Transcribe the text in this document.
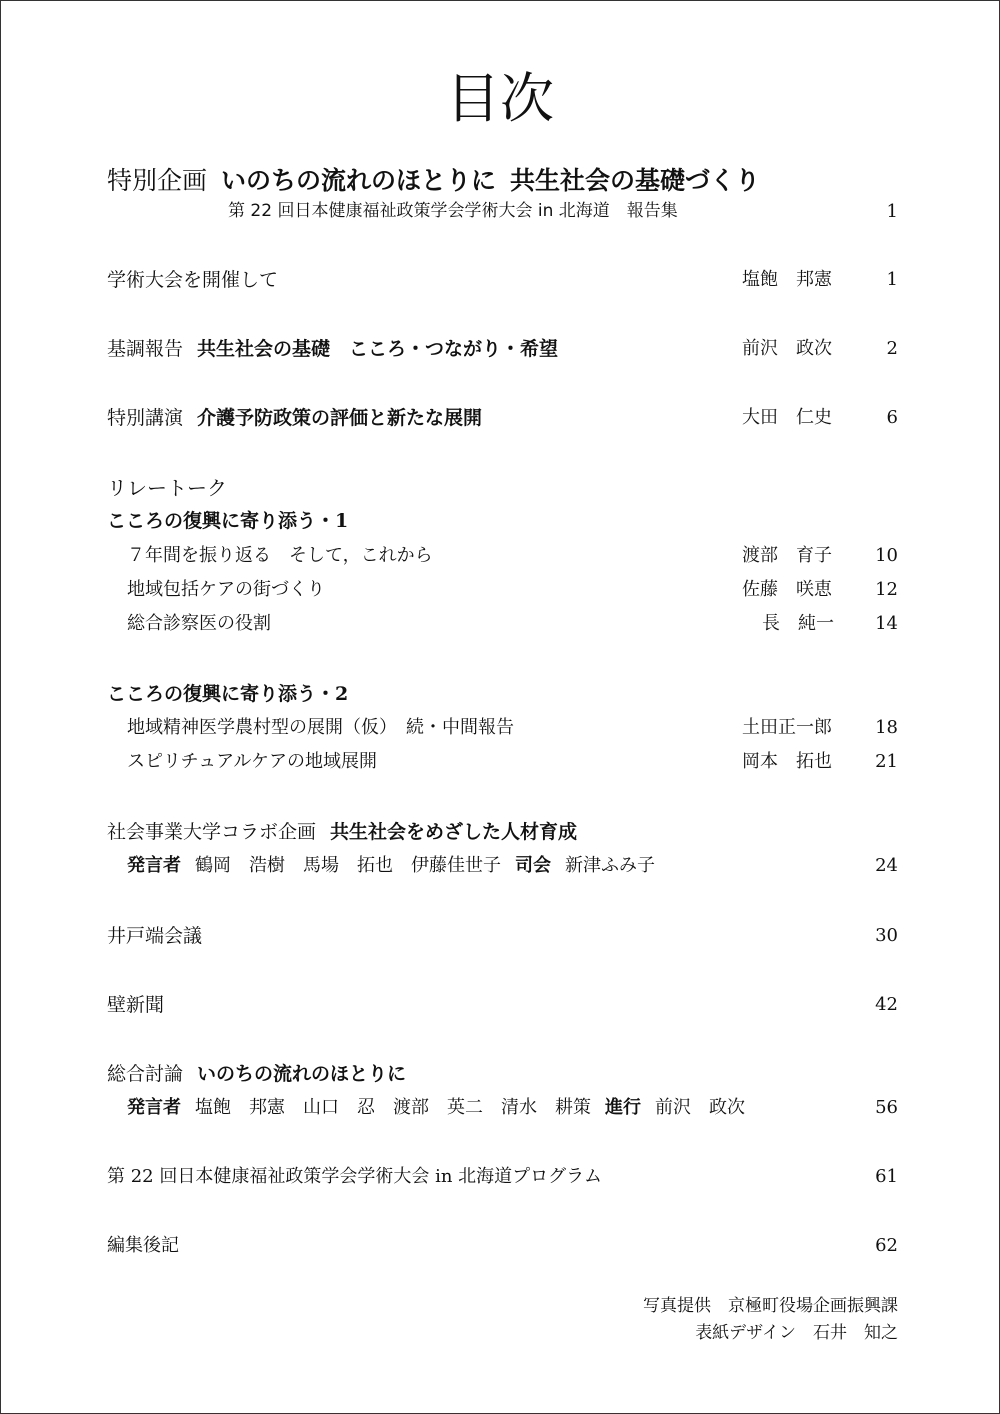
目次
特別企画 いのちの流れのほとりに 共生社会の基礎づくり
第 22 回日本健康福祉政策学会学術大会 in 北海道　報告集	1
学術大会を開催して	塩飽　邦憲	1
基調報告 共生社会の基礎　こころ・つながり・希望	前沢　政次	2
特別講演 介護予防政策の評価と新たな展開	大田　仁史	6
リレートーク
こころの復興に寄り添う・1
７年間を振り返る　そして，これから	渡部　育子	10
地域包括ケアの街づくり	佐藤　咲恵	12
総合診察医の役割	長　純一	14
こころの復興に寄り添う・2
地域精神医学農村型の展開（仮）　続・中間報告	土田正一郎	18
スピリチュアルケアの地域展開	岡本　拓也	21
社会事業大学コラボ企画 共生社会をめざした人材育成
発言者 鶴岡　浩樹　馬場　拓也　伊藤佳世子 司会 新津ふみ子	24
井戸端会議	30
壁新聞	42
総合討論 いのちの流れのほとりに
発言者 塩飽　邦憲　山口　忍　渡部　英二　清水　耕策 進行 前沢　政次	56
第 22 回日本健康福祉政策学会学術大会 in 北海道プログラム	61
編集後記	62
写真提供　京極町役場企画振興課
表紙デザイン　石井　知之
